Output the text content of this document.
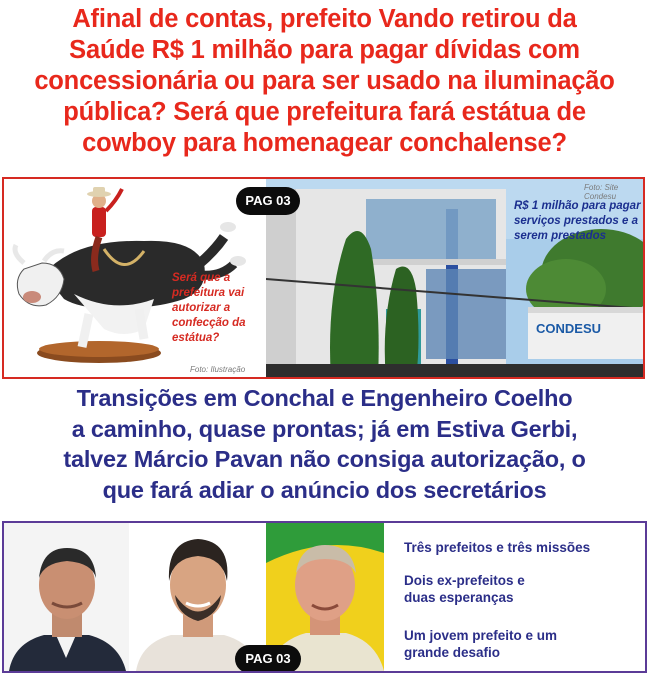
Afinal de contas, prefeito Vando retirou da
Saúde R$ 1 milhão para pagar dívidas com
concessionária ou para ser usado na iluminação
pública? Será que prefeitura fará estátua de
cowboy para homenagear conchalense?
Será que a prefeitura vai autorizar a confecção da estátua?
Foto: Ilustração
CONDESU
R$ 1 milhão para pagar serviços prestados e a serem prestados
Foto: Site Condesu
PAG 03
Transições em Conchal e Engenheiro Coelho
a caminho, quase prontas; já em Estiva Gerbi,
talvez Márcio Pavan não consiga autorização, o
que fará adiar o anúncio dos secretários
Três prefeitos e três missões
Dois ex-prefeitos e
duas esperanças
Um jovem prefeito e um
grande desafio
PAG 03
